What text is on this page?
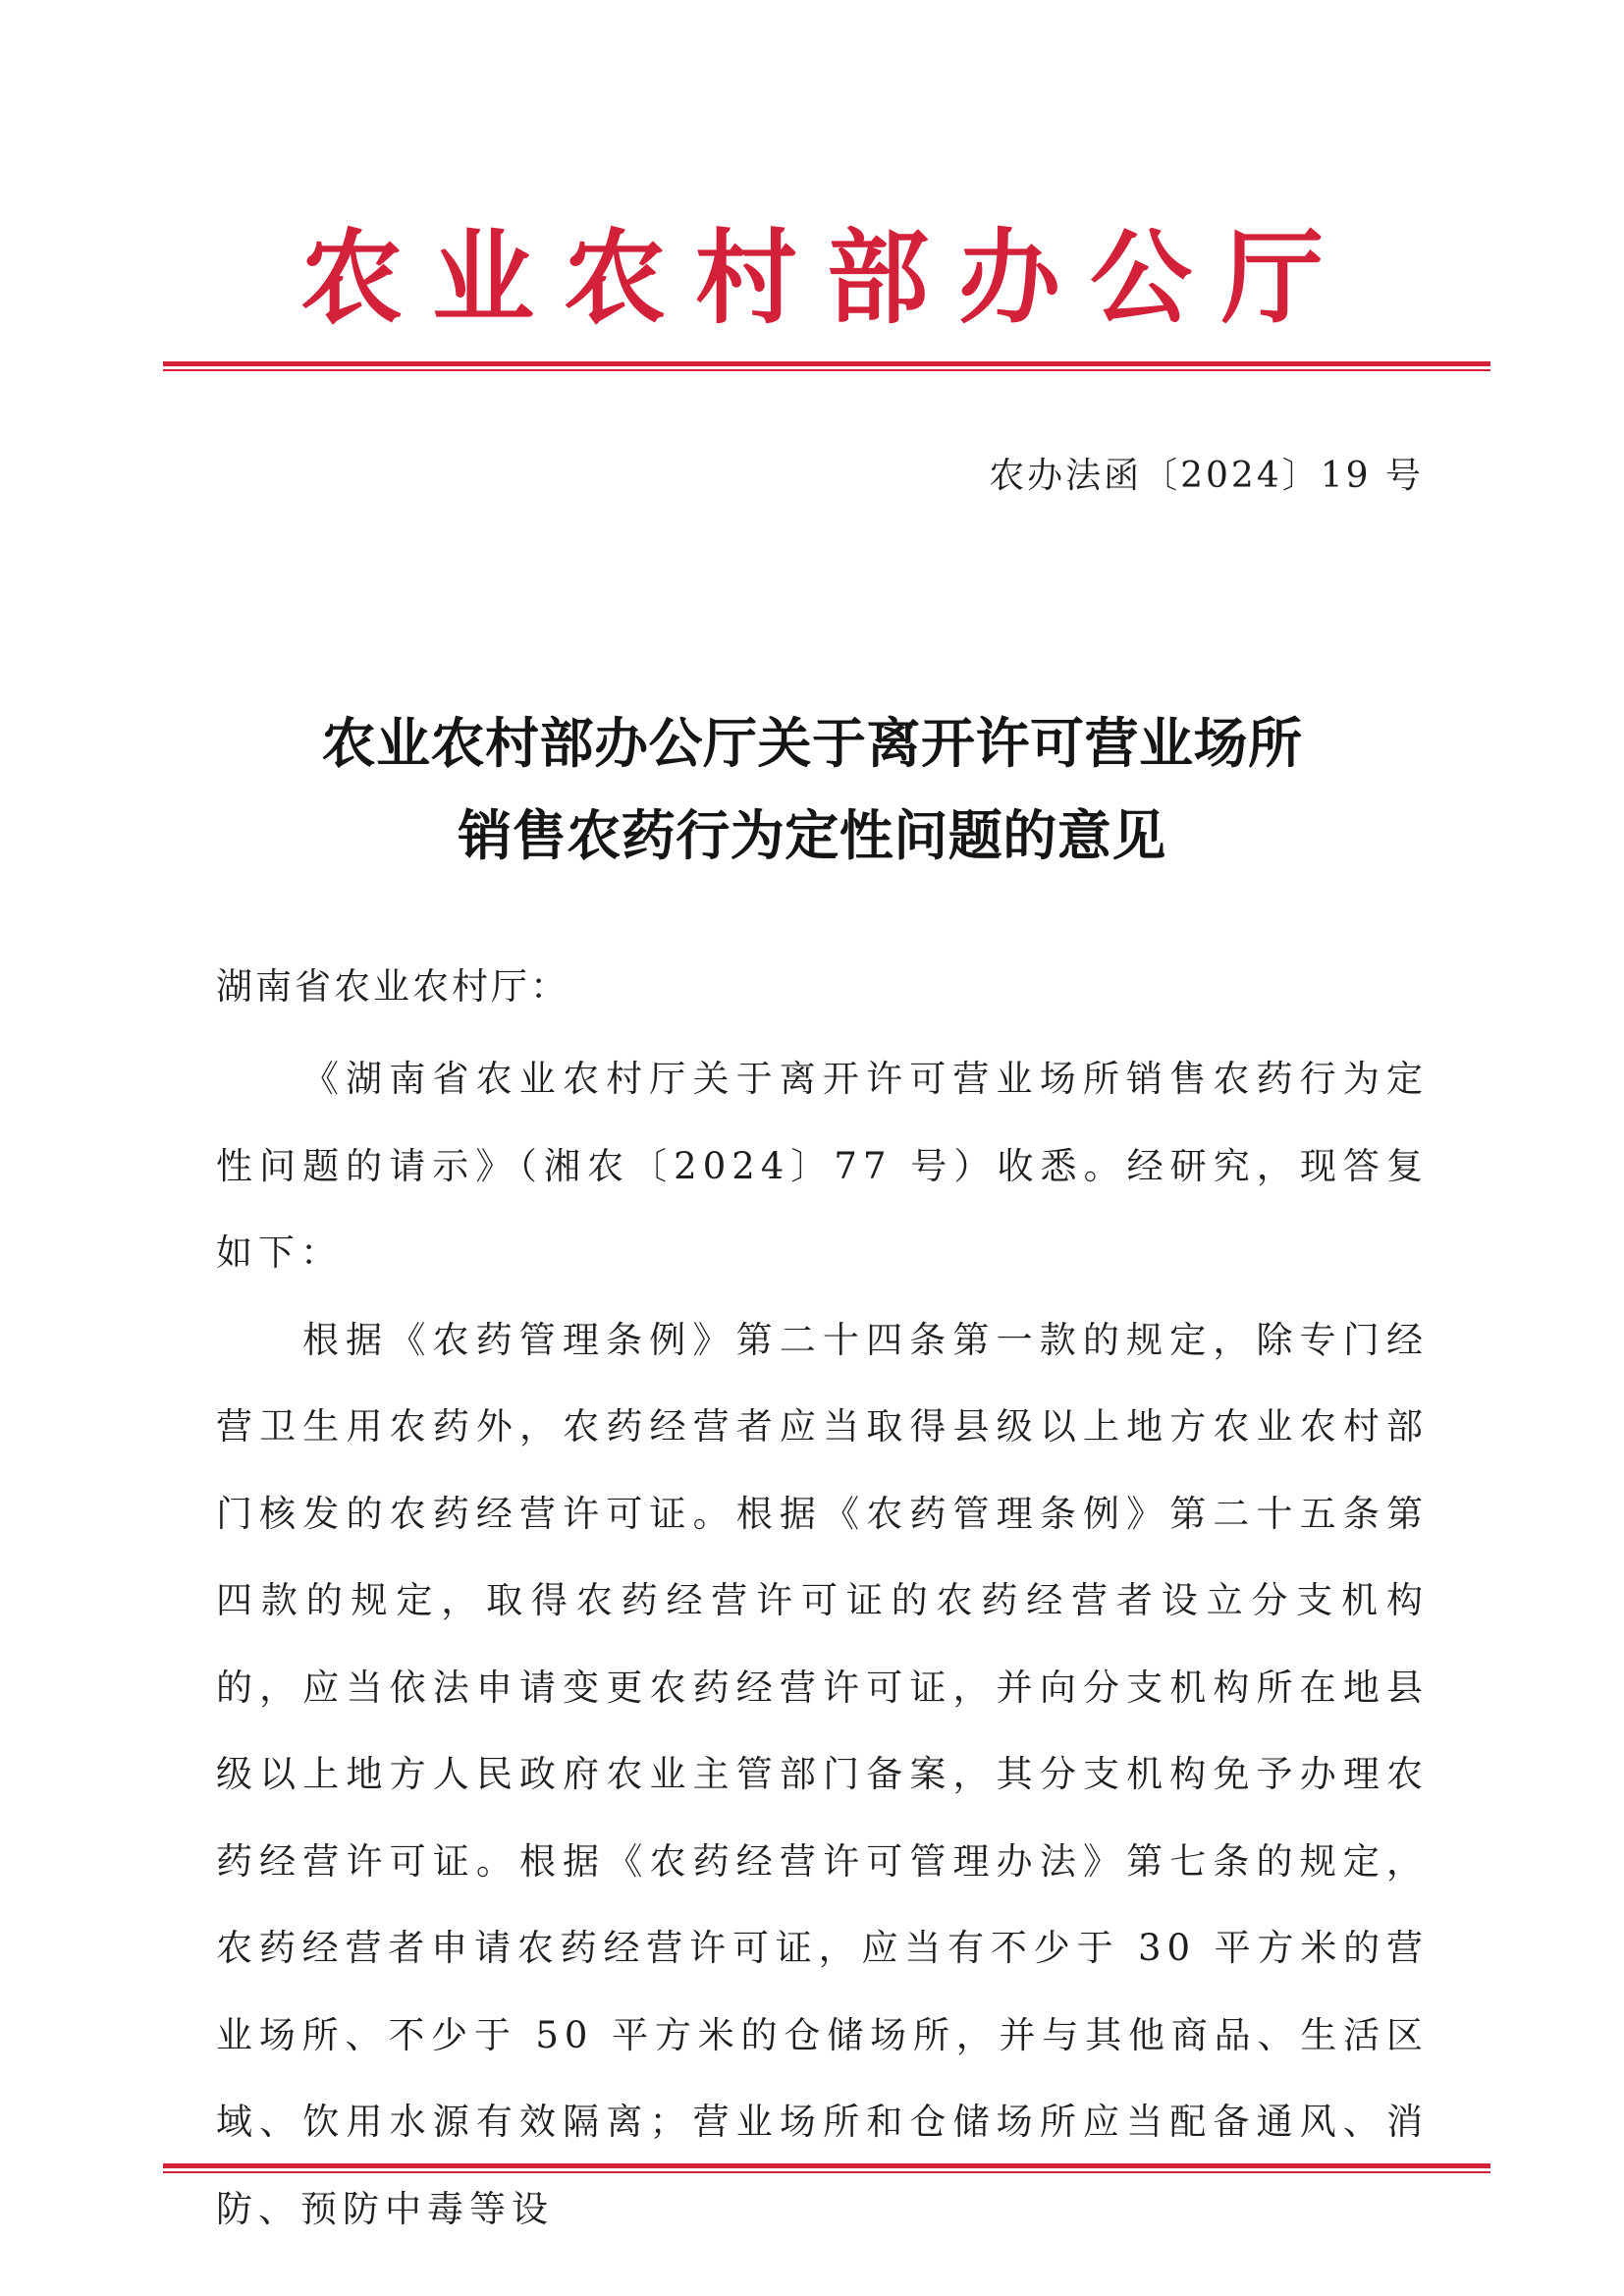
农业农村部办公厅
农办法函〔2024〕19 号
农业农村部办公厅关于离开许可营业场所
销售农药行为定性问题的意见
湖南省农业农村厅：

《湖南省农业农村厅关于离开许可营业场所销售农药行为定性问题的请示》（湘农〔2024〕77 号）收悉。经研究，现答复如下：

根据《农药管理条例》第二十四条第一款的规定，除专门经营卫生用农药外，农药经营者应当取得县级以上地方农业农村部门核发的农药经营许可证。根据《农药管理条例》第二十五条第四款的规定，取得农药经营许可证的农药经营者设立分支机构的，应当依法申请变更农药经营许可证，并向分支机构所在地县级以上地方人民政府农业主管部门备案，其分支机构免予办理农药经营许可证。根据《农药经营许可管理办法》第七条的规定，农药经营者申请农药经营许可证，应当有不少于 30 平方米的营业场所、不少于 50 平方米的仓储场所，并与其他商品、生活区域、饮用水源有效隔离；营业场所和仓储场所应当配备通风、消防、预防中毒等设
